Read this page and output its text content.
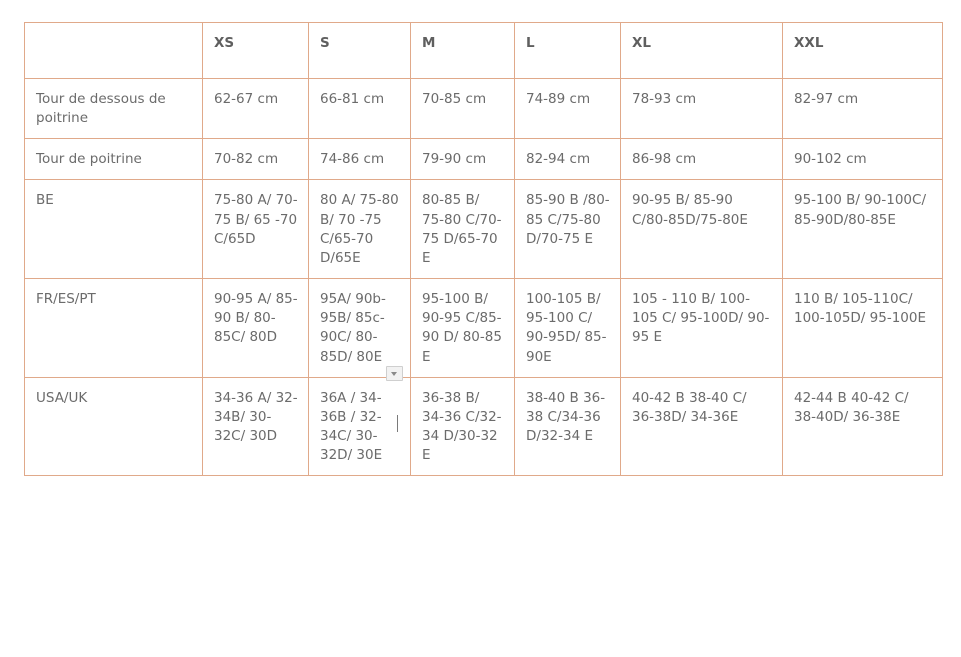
	XS	S	M	L	XL	XXL
Tour de dessous de poitrine	62-67 cm	66-81 cm	70-85 cm	74-89 cm	78-93 cm	82-97 cm
Tour de poitrine	70-82 cm	74-86 cm	79-90 cm	82-94 cm	86-98 cm	90-102 cm
BE	75-80 A/ 70-75 B/ 65 -70 C/65D	80 A/ 75-80 B/ 70 -75 C/65-70 D/65E	80-85 B/ 75-80 C/70-75 D/65-70 E	85-90 B /80-85 C/75-80 D/70-75 E	90-95 B/ 85-90 C/80-85D/75-80E	95-100 B/ 90-100C/ 85-90D/80-85E
FR/ES/PT	90-95 A/ 85-90 B/ 80-85C/ 80D	95A/ 90b-95B/ 85c-90C/ 80-85D/ 80E	95-100 B/ 90-95 C/85-90 D/ 80-85 E	100-105 B/ 95-100 C/ 90-95D/ 85-90E	105 - 110 B/ 100-105 C/ 95-100D/ 90-95 E	110 B/ 105-110C/ 100-105D/ 95-100E
USA/UK	34-36 A/ 32-34B/ 30-32C/ 30D	36A / 34-36B / 32-34C/ 30-32D/ 30E	36-38 B/ 34-36 C/32-34 D/30-32 E	38-40 B 36-38 C/34-36 D/32-34 E	40-42 B 38-40 C/ 36-38D/ 34-36E	42-44 B 40-42 C/ 38-40D/ 36-38E
